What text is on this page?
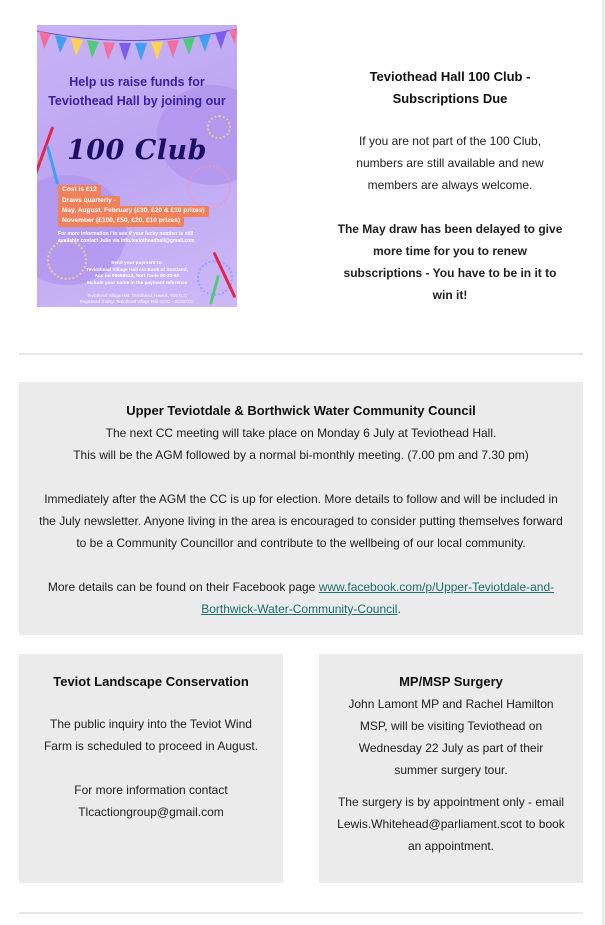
Help us raise funds for Teviothead Hall by joining our
100 Club
Cost is £12
Draws quarterly -
May, August, February (£30, £20 & £10 prizes)
November (£100, £50, £20, £10 prizes)
For more information / to see if your lucky number is still
available contact Julie via info.teviotheadhall@gmail.com
Send your payment to:
Teviothead Village Hall c/o Bank of Scotland,
Acc no 06658532, Sort Code 80-22-60
Include your name in the payment reference
Teviothead Village Hall, Teviothead, Hawick, TD9 0LG
Registered charity: Teviothead Village Hall SC0D - SC037237
Teviothead Hall 100 Club -
Subscriptions Due

If you are not part of the 100 Club,
numbers are still available and new
members are always welcome.

The May draw has been delayed to give
more time for you to renew
subscriptions - You have to be in it to
win it!

Upper Teviotdale & Borthwick Water Community Council

The next CC meeting will take place on Monday 6 July at Teviothead Hall.

This will be the AGM followed by a normal bi-monthly meeting. (7.00 pm and 7.30 pm)

Immediately after the AGM the CC is up for election. More details to follow and will be included in
the July newsletter. Anyone living in the area is encouraged to consider putting themselves forward
to be a Community Councillor and contribute to the wellbeing of our local community.

More details can be found on their Facebook page www.facebook.com/p/Upper-Teviotdale-and-
Borthwick-Water-Community-Council.

Teviot Landscape Conservation

The public inquiry into the Teviot Wind
Farm is scheduled to proceed in August.

For more information contact
Tlcactiongroup@gmail.com

MP/MSP Surgery

John Lamont MP and Rachel Hamilton
MSP, will be visiting Teviothead on
Wednesday 22 July as part of their
summer surgery tour.

The surgery is by appointment only - email
Lewis.Whitehead@parliament.scot to book
an appointment.
